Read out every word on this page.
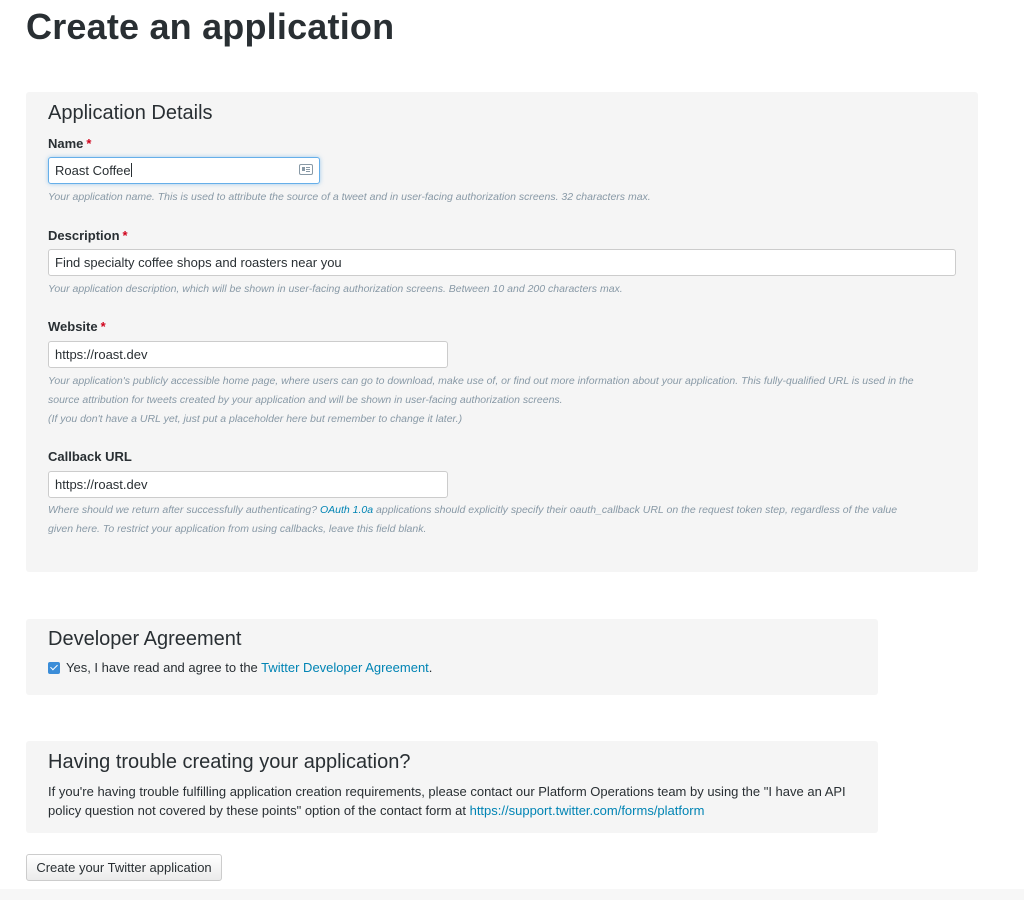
Create an application
Application Details
Name *
Roast Coffee
Your application name. This is used to attribute the source of a tweet and in user-facing authorization screens. 32 characters max.
Description *
Find specialty coffee shops and roasters near you
Your application description, which will be shown in user-facing authorization screens. Between 10 and 200 characters max.
Website *
https://roast.dev
Your application's publicly accessible home page, where users can go to download, make use of, or find out more information about your application. This fully-qualified URL is used in the
source attribution for tweets created by your application and will be shown in user-facing authorization screens.
(If you don't have a URL yet, just put a placeholder here but remember to change it later.)
Callback URL
https://roast.dev
Where should we return after successfully authenticating? OAuth 1.0a applications should explicitly specify their oauth_callback URL on the request token step, regardless of the value
given here. To restrict your application from using callbacks, leave this field blank.
Developer Agreement
Yes, I have read and agree to the Twitter Developer Agreement.
Having trouble creating your application?
If you're having trouble fulfilling application creation requirements, please contact our Platform Operations team by using the "I have an API
policy question not covered by these points" option of the contact form at https://support.twitter.com/forms/platform
Create your Twitter application
